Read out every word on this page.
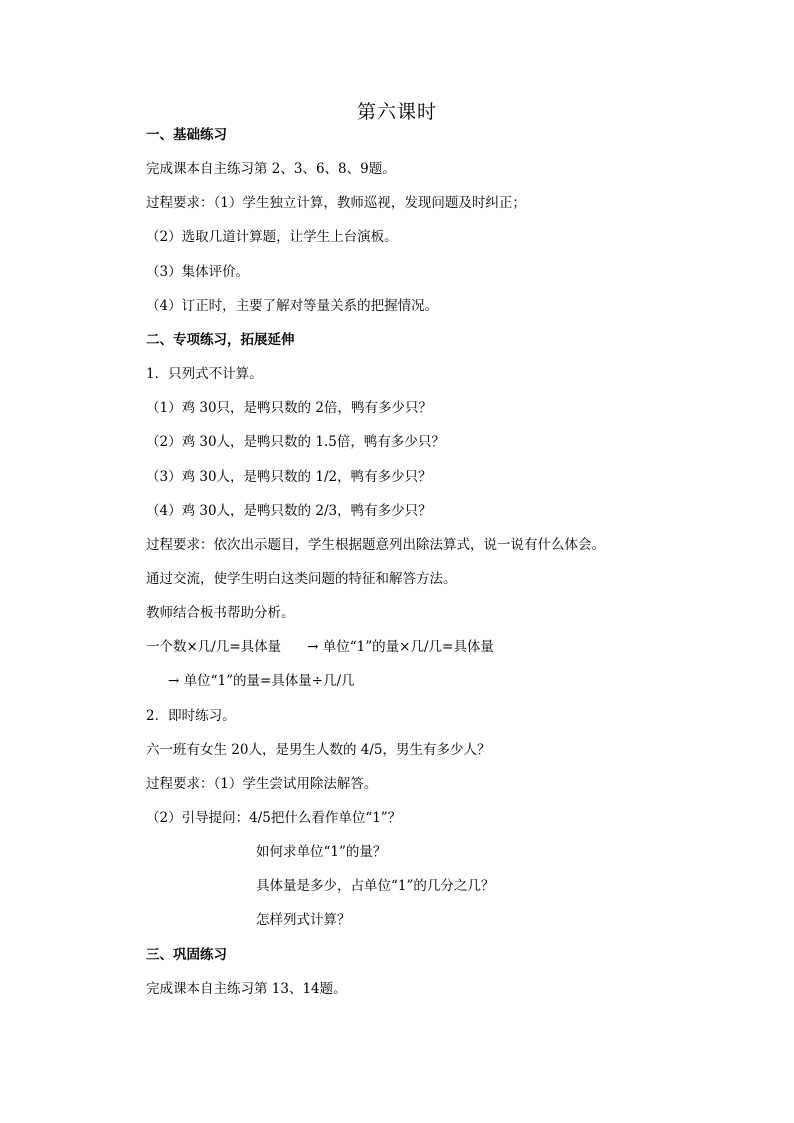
第六课时
一、基础练习
完成课本自主练习第 2、3、6、8、9题。
过程要求：（1）学生独立计算，教师巡视，发现问题及时纠正；
（2）选取几道计算题，让学生上台演板。
（3）集体评价。
（4）订正时，主要了解对等量关系的把握情况。
二、专项练习，拓展延伸
1．只列式不计算。
（1）鸡 30只，是鸭只数的 2倍，鸭有多少只？
（2）鸡 30人，是鸭只数的 1.5倍，鸭有多少只？
（3）鸡 30人，是鸭只数的 1/2，鸭有多少只？
（4）鸡 30人，是鸭只数的 2/3，鸭有多少只？
过程要求：依次出示题目，学生根据题意列出除法算式，说一说有什么体会。
通过交流，使学生明白这类问题的特征和解答方法。
教师结合板书帮助分析。
一个数×几/几=具体量 → 单位“1”的量×几/几=具体量
→ 单位“1”的量=具体量÷几/几
2．即时练习。
六一班有女生 20人，是男生人数的 4/5，男生有多少人？
过程要求：（1）学生尝试用除法解答。
（2）引导提问：4/5把什么看作单位“1”？
如何求单位“1”的量？
具体量是多少，占单位“1”的几分之几？
怎样列式计算？
三、巩固练习
完成课本自主练习第 13、14题。
